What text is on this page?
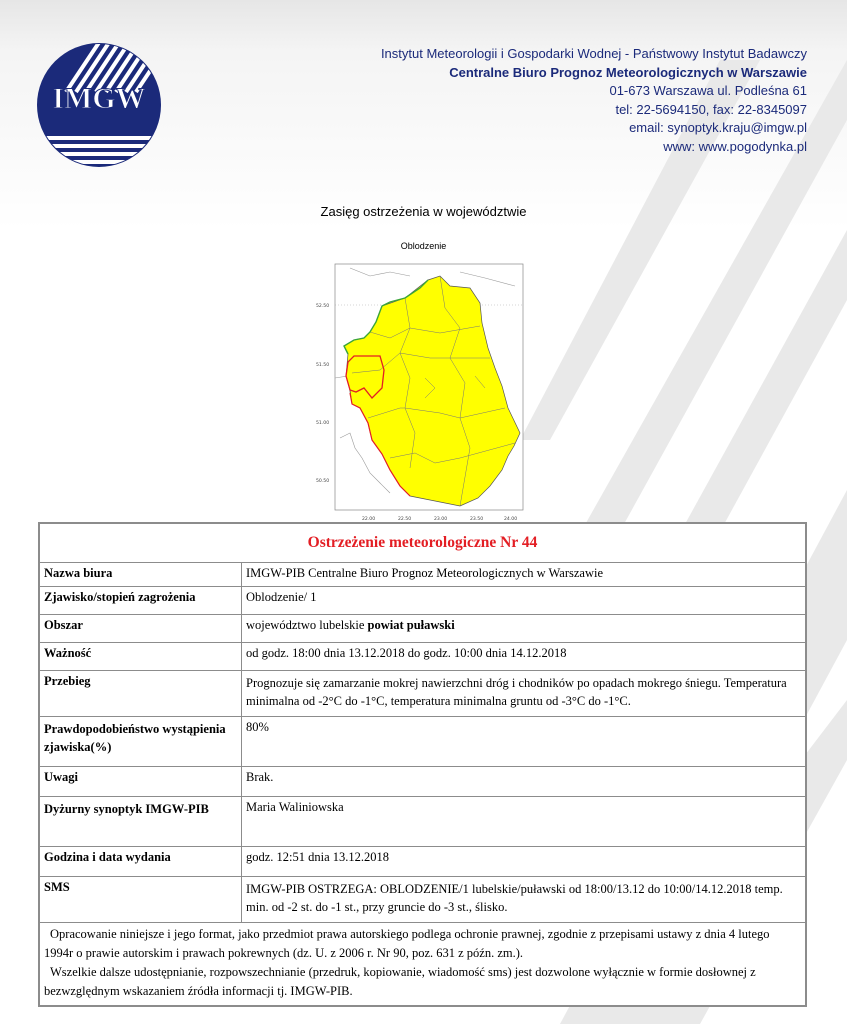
IMGW
Instytut Meteorologii i Gospodarki Wodnej - Państwowy Instytut Badawczy
Centralne Biuro Prognoz Meteorologicznych w Warszawie
01-673 Warszawa ul. Podleśna 61
tel: 22-5694150, fax: 22-8345097
email: synoptyk.kraju@imgw.pl
www: www.pogodynka.pl
Zasięg ostrzeżenia w województwie
Oblodzenie
52.50
51.50
51.00
50.50
22.00	22.50	23.00	23.50	24.00
Ostrzeżenie meteorologiczne Nr 44	
Nazwa biura	IMGW-PIB Centralne Biuro Prognoz Meteorologicznych w Warszawie
Zjawisko/stopień zagrożenia	Oblodzenie/ 1
Obszar	województwo lubelskie powiat puławski
Ważność	od godz. 18:00 dnia 13.12.2018 do godz. 10:00 dnia 14.12.2018
Przebieg	Prognozuje się zamarzanie mokrej nawierzchni dróg i chodników po opadach mokrego śniegu. Temperatura minimalna od -2°C do -1°C, temperatura minimalna gruntu od -3°C do -1°C.
Prawdopodobieństwo wystąpienia zjawiska(%)	80%
Uwagi	Brak.
Dyżurny synoptyk IMGW-PIB	Maria Waliniowska
Godzina i data wydania	godz. 12:51 dnia 13.12.2018
SMS	IMGW-PIB OSTRZEGA: OBLODZENIE/1 lubelskie/puławski od 18:00/13.12 do 10:00/14.12.2018 temp. min. od -2 st. do -1 st., przy gruncie do -3 st., ślisko.

Opracowanie niniejsze i jego format, jako przedmiot prawa autorskiego podlega ochronie prawnej, zgodnie z przepisami ustawy z dnia 4 lutego 1994r o prawie autorskim i prawach pokrewnych (dz. U. z 2006 r. Nr 90, poz. 631 z późn. zm.).
Wszelkie dalsze udostępnianie, rozpowszechnianie (przedruk, kopiowanie, wiadomość sms) jest dozwolone wyłącznie w formie dosłownej z bezwzględnym wskazaniem źródła informacji tj. IMGW-PIB.	
